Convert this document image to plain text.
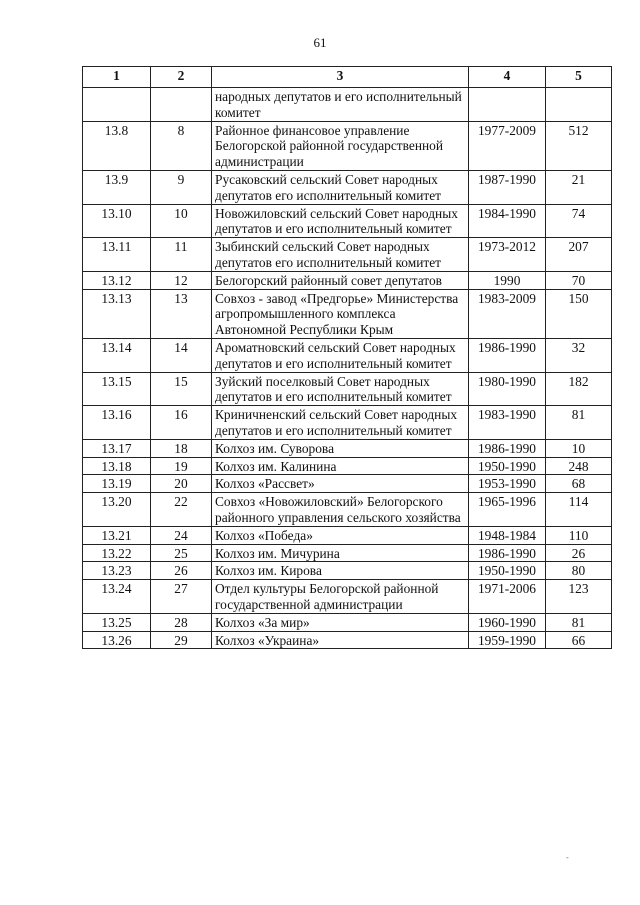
61
1	2	3	4	5
		народных депутатов и его исполнительный комитет		
13.8	8	Районное финансовое управление Белогорской районной государственной администрации	1977-2009	512
13.9	9	Русаковский сельский Совет народных депутатов его исполнительный комитет	1987-1990	21
13.10	10	Новожиловский сельский Совет народных депутатов и его исполнительный комитет	1984-1990	74
13.11	11	Зыбинский сельский Совет народных депутатов его исполнительный комитет	1973-2012	207
13.12	12	Белогорский районный совет депутатов	1990	70
13.13	13	Совхоз - завод «Предгорье» Министерства агропромышленного комплекса Автономной Республики Крым	1983-2009	150
13.14	14	Ароматновский сельский Совет народных депутатов и его исполнительный комитет	1986-1990	32
13.15	15	Зуйский поселковый Совет народных депутатов и его исполнительный комитет	1980-1990	182
13.16	16	Криничненский сельский Совет народных депутатов и его исполнительный комитет	1983-1990	81
13.17	18	Колхоз им. Суворова	1986-1990	10
13.18	19	Колхоз им. Калинина	1950-1990	248
13.19	20	Колхоз «Рассвет»	1953-1990	68
13.20	22	Совхоз «Новожиловский» Белогорского районного управления сельского хозяйства	1965-1996	114
13.21	24	Колхоз «Победа»	1948-1984	110
13.22	25	Колхоз им. Мичурина	1986-1990	26
13.23	26	Колхоз им. Кирова	1950-1990	80
13.24	27	Отдел культуры Белогорской районной государственной администрации	1971-2006	123
13.25	28	Колхоз «За мир»	1960-1990	81
13.26	29	Колхоз «Украина»	1959-1990	66
-
